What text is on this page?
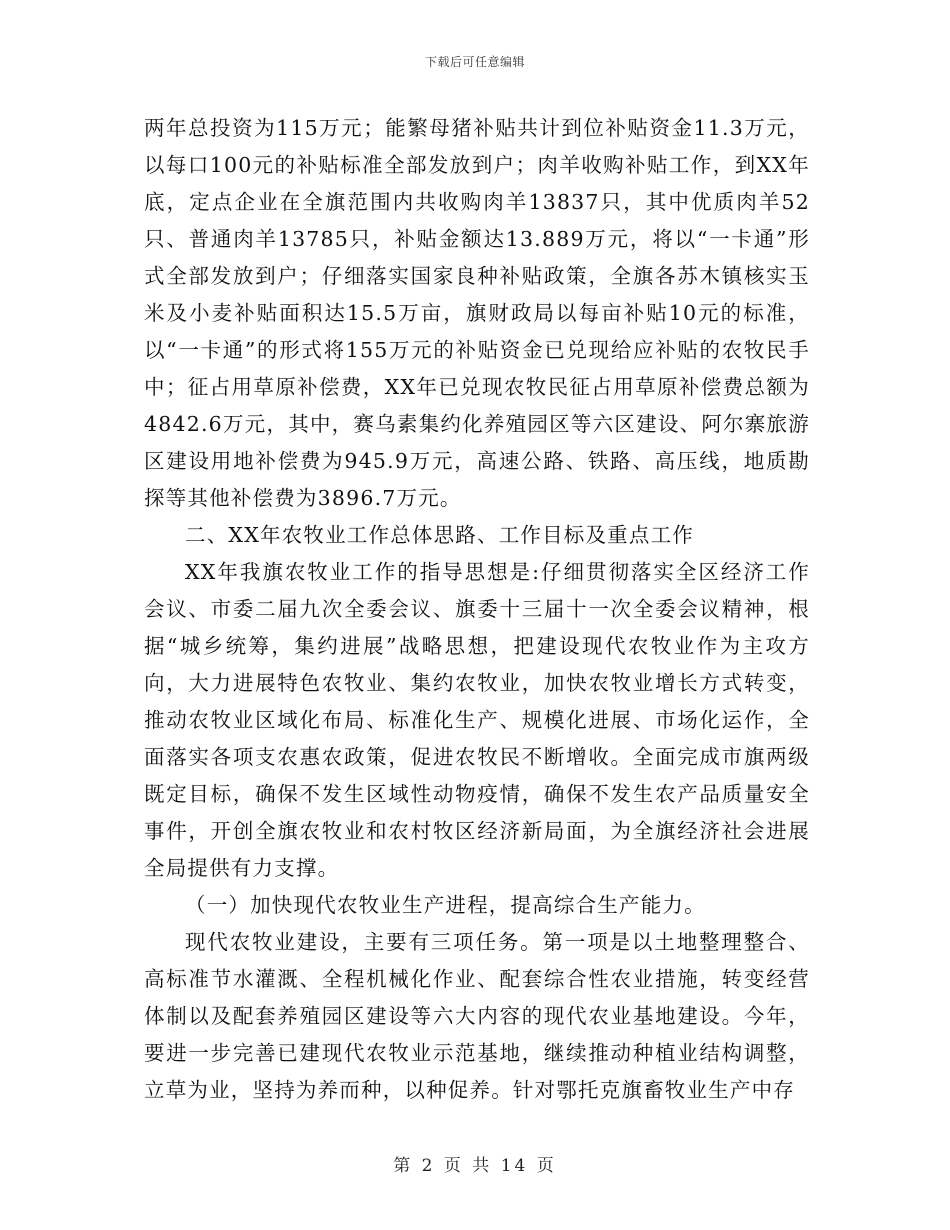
下载后可任意编辑

两年总投资为115万元；能繁母猪补贴共计到位补贴资金11.3万元，以每口100元的补贴标准全部发放到户；肉羊收购补贴工作，到XX年底，定点企业在全旗范围内共收购肉羊13837只，其中优质肉羊52只、普通肉羊13785只，补贴金额达13.889万元，将以“一卡通”形式全部发放到户；仔细落实国家良种补贴政策，全旗各苏木镇核实玉米及小麦补贴面积达15.5万亩，旗财政局以每亩补贴10元的标准，以“一卡通”的形式将155万元的补贴资金已兑现给应补贴的农牧民手中；征占用草原补偿费，XX年已兑现农牧民征占用草原补偿费总额为4842.6万元，其中，赛乌素集约化养殖园区等六区建设、阿尔寨旅游区建设用地补偿费为945.9万元，高速公路、铁路、高压线，地质勘探等其他补偿费为3896.7万元。

二、XX年农牧业工作总体思路、工作目标及重点工作

XX年我旗农牧业工作的指导思想是:仔细贯彻落实全区经济工作会议、市委二届九次全委会议、旗委十三届十一次全委会议精神，根据“城乡统筹，集约进展”战略思想，把建设现代农牧业作为主攻方向，大力进展特色农牧业、集约农牧业，加快农牧业增长方式转变，推动农牧业区域化布局、标准化生产、规模化进展、市场化运作，全面落实各项支农惠农政策，促进农牧民不断增收。全面完成市旗两级既定目标，确保不发生区域性动物疫情，确保不发生农产品质量安全事件，开创全旗农牧业和农村牧区经济新局面，为全旗经济社会进展全局提供有力支撑。

（一）加快现代农牧业生产进程，提高综合生产能力。

现代农牧业建设，主要有三项任务。第一项是以土地整理整合、高标准节水灌溉、全程机械化作业、配套综合性农业措施，转变经营体制以及配套养殖园区建设等六大内容的现代农业基地建设。今年，要进一步完善已建现代农牧业示范基地，继续推动种植业结构调整，立草为业，坚持为养而种，以种促养。针对鄂托克旗畜牧业生产中存

第 2 页 共 14 页
